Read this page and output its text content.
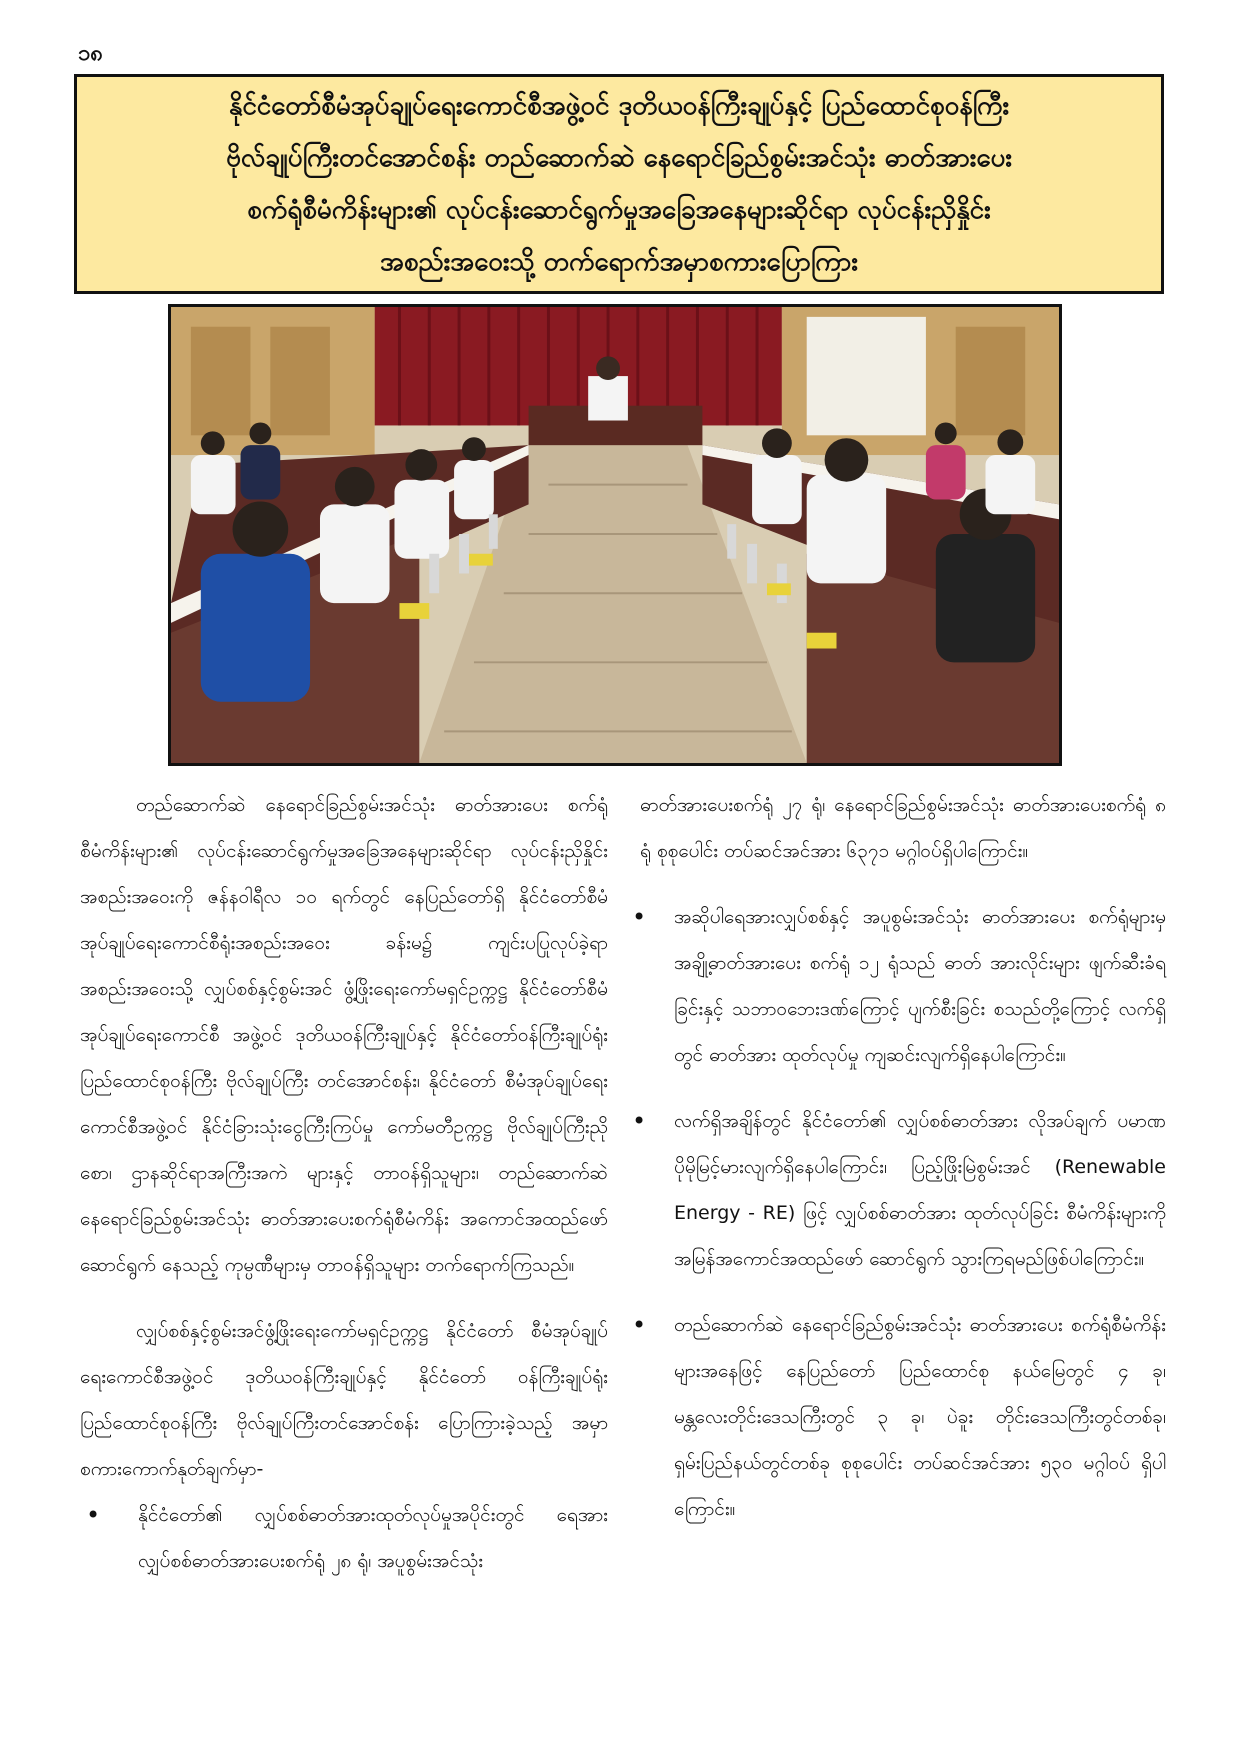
၁၈
နိုင်ငံတော်စီမံအုပ်ချုပ်ရေးကောင်စီအဖွဲ့ဝင် ဒုတိယဝန်ကြီးချုပ်နှင့် ပြည်ထောင်စုဝန်ကြီး
ဗိုလ်ချုပ်ကြီးတင်အောင်စန်း တည်ဆောက်ဆဲ နေရောင်ခြည်စွမ်းအင်သုံး ဓာတ်အားပေး
စက်ရုံစီမံကိန်းများ၏ လုပ်ငန်းဆောင်ရွက်မှုအခြေအနေများဆိုင်ရာ လုပ်ငန်းညှိနှိုင်း
အစည်းအဝေးသို့ တက်ရောက်အမှာစကားပြောကြား

တည်ဆောက်ဆဲ နေရောင်ခြည်စွမ်းအင်သုံး ဓာတ်အားပေး စက်ရုံစီမံကိန်းများ၏ လုပ်ငန်းဆောင်ရွက်မှုအခြေအနေများဆိုင်ရာ လုပ်ငန်းညှိနှိုင်းအစည်းအဝေးကို ဇန်နဝါရီလ ၁၀ ရက်တွင် နေပြည်တော်ရှိ နိုင်ငံတော်စီမံအုပ်ချုပ်ရေးကောင်စီရုံးအစည်းအဝေး ခန်းမ၌ ကျင်းပပြုလုပ်ခဲ့ရာ အစည်းအဝေးသို့ လျှပ်စစ်နှင့်စွမ်းအင် ဖွံ့ဖြိုးရေးကော်မရှင်ဥက္ကဋ္ဌ နိုင်ငံတော်စီမံအုပ်ချုပ်ရေးကောင်စီ အဖွဲ့ဝင် ဒုတိယဝန်ကြီးချုပ်နှင့် နိုင်ငံတော်ဝန်ကြီးချုပ်ရုံး ပြည်ထောင်စုဝန်ကြီး ဗိုလ်ချုပ်ကြီး တင်အောင်စန်း၊ နိုင်ငံတော် စီမံအုပ်ချုပ်ရေးကောင်စီအဖွဲ့ဝင် နိုင်ငံခြားသုံးငွေကြီးကြပ်မှု ကော်မတီဥက္ကဋ္ဌ ဗိုလ်ချုပ်ကြီးညိုစော၊ ဌာနဆိုင်ရာအကြီးအကဲ များနှင့် တာဝန်ရှိသူများ၊ တည်ဆောက်ဆဲ နေရောင်ခြည်စွမ်းအင်သုံး ဓာတ်အားပေးစက်ရုံစီမံကိန်း အကောင်အထည်ဖော် ဆောင်ရွက် နေသည့် ကုမ္ပဏီများမှ တာဝန်ရှိသူများ တက်ရောက်ကြသည်။

လျှပ်စစ်နှင့်စွမ်းအင်ဖွံ့ဖြိုးရေးကော်မရှင်ဥက္ကဋ္ဌ နိုင်ငံတော် စီမံအုပ်ချုပ်ရေးကောင်စီအဖွဲ့ဝင် ဒုတိယဝန်ကြီးချုပ်နှင့် နိုင်ငံတော် ဝန်ကြီးချုပ်ရုံး ပြည်ထောင်စုဝန်ကြီး ဗိုလ်ချုပ်ကြီးတင်အောင်စန်း ပြောကြားခဲ့သည့် အမှာစကားကောက်နုတ်ချက်မှာ-

• နိုင်ငံတော်၏ လျှပ်စစ်ဓာတ်အားထုတ်လုပ်မှုအပိုင်းတွင် ရေအားလျှပ်စစ်ဓာတ်အားပေးစက်ရုံ ၂၈ ရုံ၊ အပူစွမ်းအင်သုံး

ဓာတ်အားပေးစက်ရုံ ၂၇ ရုံ၊ နေရောင်ခြည်စွမ်းအင်သုံး ဓာတ်အားပေးစက်ရုံ ၈ ရုံ စုစုပေါင်း တပ်ဆင်အင်အား ၆၃၇၁ မဂ္ဂါဝပ်ရှိပါကြောင်း။

• အဆိုပါရေအားလျှပ်စစ်နှင့် အပူစွမ်းအင်သုံး ဓာတ်အားပေး စက်ရုံများမှ အချို့ဓာတ်အားပေး စက်ရုံ ၁၂ ရုံသည် ဓာတ် အားလိုင်းများ ဖျက်ဆီးခံရခြင်းနှင့် သဘာဝဘေးဒဏ်ကြောင့် ပျက်စီးခြင်း စသည်တို့ကြောင့် လက်ရှိတွင် ဓာတ်အား ထုတ်လုပ်မှု ကျဆင်းလျက်ရှိနေပါကြောင်း။
• လက်ရှိအချိန်တွင် နိုင်ငံတော်၏ လျှပ်စစ်ဓာတ်အား လိုအပ်ချက် ပမာဏ ပိုမိုမြင့်မားလျက်ရှိနေပါကြောင်း၊ ပြည့်ဖြိုးမြဲစွမ်းအင် (Renewable Energy - RE) ဖြင့် လျှပ်စစ်ဓာတ်အား ထုတ်လုပ်ခြင်း စီမံကိန်းများကို အမြန်အကောင်အထည်ဖော် ဆောင်ရွက် သွားကြရမည်ဖြစ်ပါကြောင်း။
• တည်ဆောက်ဆဲ နေရောင်ခြည်စွမ်းအင်သုံး ဓာတ်အားပေး စက်ရုံစီမံကိန်းများအနေဖြင့် နေပြည်တော် ပြည်ထောင်စု နယ်မြေတွင် ၄ ခု၊ မန္တလေးတိုင်းဒေသကြီးတွင် ၃ ခု၊ ပဲခူး တိုင်းဒေသကြီးတွင်တစ်ခု၊ ရှမ်းပြည်နယ်တွင်တစ်ခု စုစုပေါင်း တပ်ဆင်အင်အား ၅၃၀ မဂ္ဂါဝပ် ရှိပါကြောင်း။
